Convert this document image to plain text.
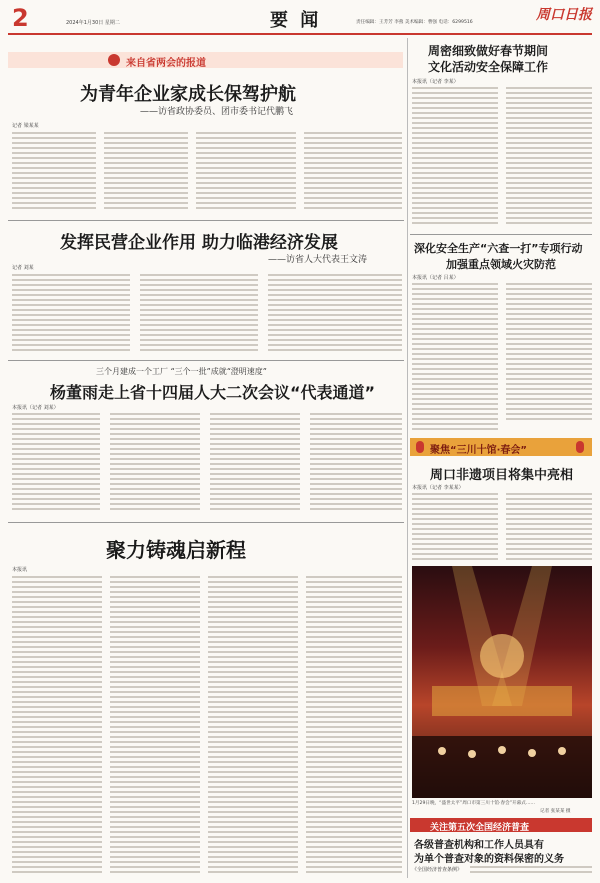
2	2024年1月30日 星期二	要 闻	责任编辑：王芳芳 李燕 美术编辑：曹强 电话：6299516	周口日报
来自省两会的报道
为青年企业家成长保驾护航
——访省政协委员、团市委书记代鹏飞
记者 梁某某
发挥民营企业作用 助力临港经济发展
——访省人大代表王文涛
记者 刘某
三个月建成一个工厂 “三个一批”成就“澄明速度”
杨董雨走上省十四届人大二次会议“代表通道”
本报讯（记者 刘某）
聚力铸魂启新程
本报讯
周密细致做好春节期间
文化活动安全保障工作
本报讯（记者 李某）
深化安全生产“六查一打”专项行动
加强重点领域火灾防范
本报讯（记者 吕某）
聚焦“三川十馆·春会”
周口非遗项目将集中亮相
本报讯（记者 李某某）
1月29日晚，“盛世太平”周口市第三川十馆·春会”开幕式……
记者 张某某 摄
关注第五次全国经济普查
各级普查机构和工作人员具有
为单个普查对象的资料保密的义务
《全国经济普查条例》
